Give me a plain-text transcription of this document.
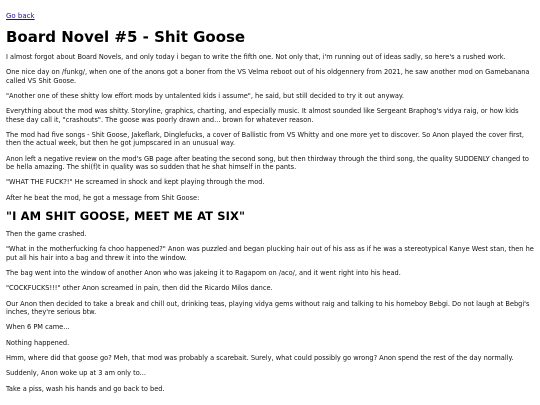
Go back
Board Novel #5 - Shit Goose

I almost forgot about Board Novels, and only today i began to write the fifth one. Not only that, i'm running out of ideas sadly, so here's a rushed work.

One nice day on /funkg/, when one of the anons got a boner from the VS Velma reboot out of his oldgennery from 2021, he saw another mod on Gamebanana called VS Shit Goose.

"Another one of these shitty low effort mods by untalented kids i assume", he said, but still decided to try it out anyway.

Everything about the mod was shitty. Storyline, graphics, charting, and especially music. It almost sounded like Sergeant Braphog's vidya raig, or how kids these day call it, "crashouts". The goose was poorly drawn and... brown for whatever reason.

The mod had five songs - Shit Goose, Jakeflark, Dinglefucks, a cover of Ballistic from VS Whitty and one more yet to discover. So Anon played the cover first, then the actual week, but then he got jumpscared in an unusual way.

Anon left a negative review on the mod's GB page after beating the second song, but then thirdway through the third song, the quality SUDDENLY changed to be hella amazing. The shi(f)t in quality was so sudden that he shat himself in the pants.

"WHAT THE FUCK?!" He screamed in shock and kept playing through the mod.

After he beat the mod, he got a message from Shit Goose:

"I AM SHIT GOOSE, MEET ME AT SIX"

Then the game crashed.

"What in the motherfucking fa choo happened?" Anon was puzzled and began plucking hair out of his ass as if he was a stereotypical Kanye West stan, then he put all his hair into a bag and threw it into the window.

The bag went into the window of another Anon who was jakeing it to Ragapom on /aco/, and it went right into his head.

"COCKFUCKS!!!" other Anon screamed in pain, then did the Ricardo Milos dance.

Our Anon then decided to take a break and chill out, drinking teas, playing vidya gems without raig and talking to his homeboy Bebgi. Do not laugh at Bebgi's inches, they're serious btw.

When 6 PM came...

Nothing happened.

Hmm, where did that goose go? Meh, that mod was probably a scarebait. Surely, what could possibly go wrong? Anon spend the rest of the day normally.

Suddenly, Anon woke up at 3 am only to...

Take a piss, wash his hands and go back to bed.
